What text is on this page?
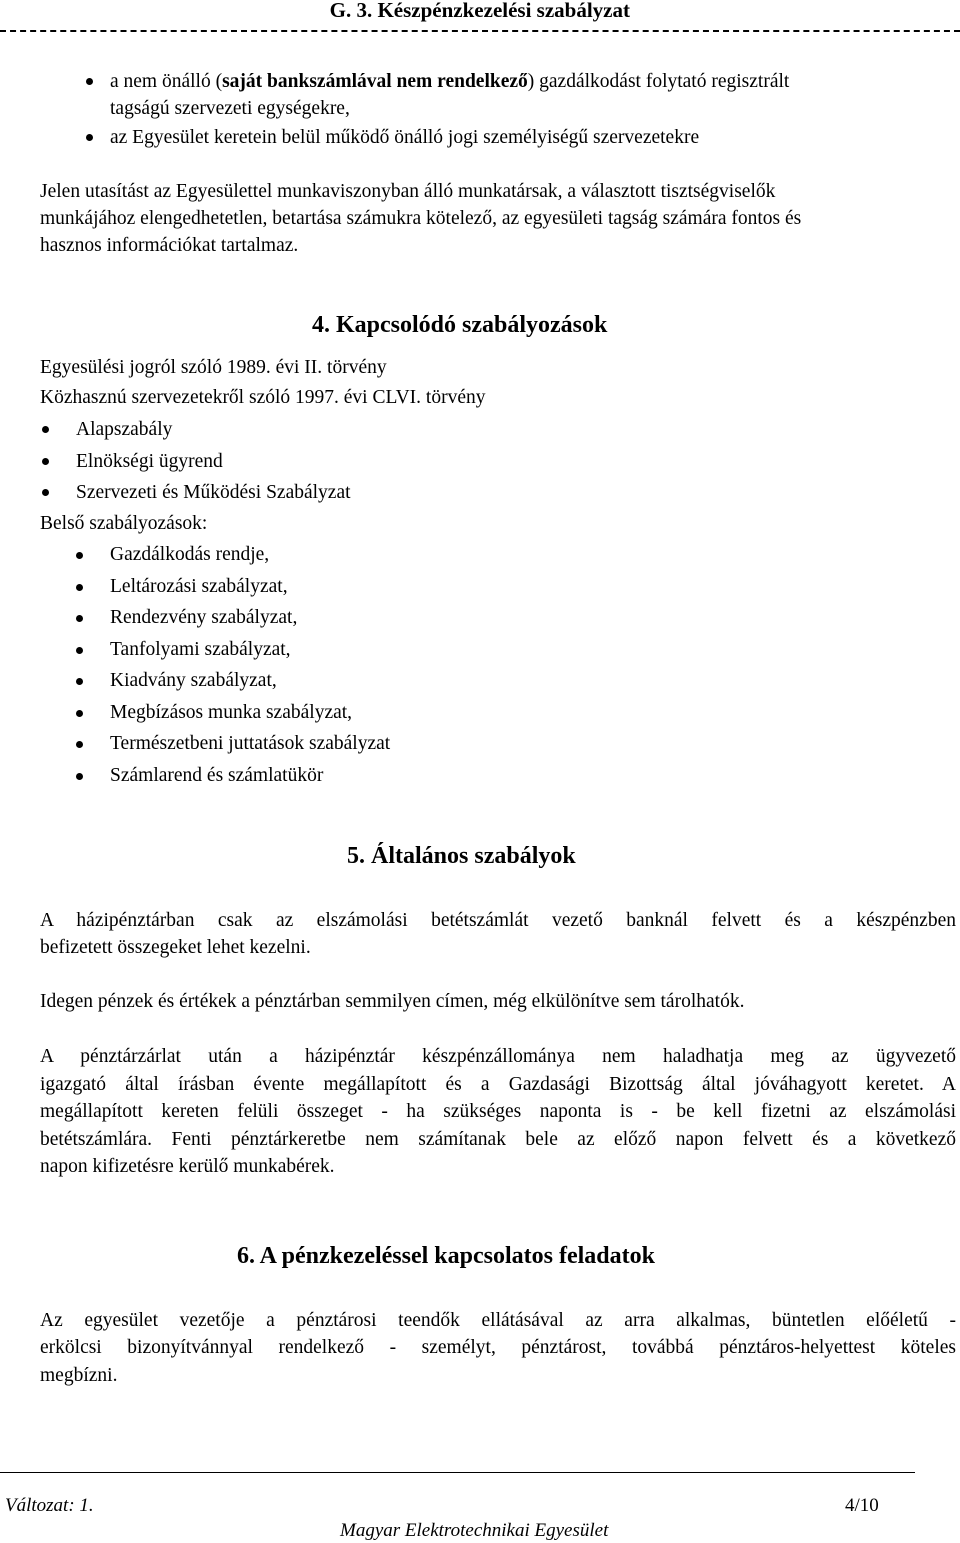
G. 3. Készpénzkezelési szabályzat
a nem önálló (saját bankszámlával nem rendelkező) gazdálkodást folytató regisztrált
tagságú szervezeti egységekre,
az Egyesület keretein belül működő önálló jogi személyiségű szervezetekre
Jelen utasítást az Egyesülettel munkaviszonyban álló munkatársak, a választott tisztségviselők
munkájához elengedhetetlen, betartása számukra kötelező, az egyesületi tagság számára fontos és
hasznos információkat tartalmaz.
4. Kapcsolódó szabályozások
Egyesülési jogról szóló 1989. évi II. törvény
Közhasznú szervezetekről szóló 1997. évi CLVI. törvény
Alapszabály
Elnökségi ügyrend
Szervezeti és Működési Szabályzat
Belső szabályozások:
Gazdálkodás rendje,
Leltározási szabályzat,
Rendezvény szabályzat,
Tanfolyami szabályzat,
Kiadvány szabályzat,
Megbízásos munka szabályzat,
Természetbeni juttatások szabályzat
Számlarend és számlatükör
5. Általános szabályok
A házipénztárban csak az elszámolási betétszámlát vezető banknál felvett és a készpénzben
befizetett összegeket lehet kezelni.
Idegen pénzek és értékek a pénztárban semmilyen címen, még elkülönítve sem tárolhatók.
A pénztárzárlat után a házipénztár készpénzállománya nem haladhatja meg az ügyvezető
igazgató által írásban évente megállapított és a Gazdasági Bizottság által jóváhagyott keretet. A
megállapított kereten felüli összeget - ha szükséges naponta is - be kell fizetni az elszámolási
betétszámlára. Fenti pénztárkeretbe nem számítanak bele az előző napon felvett és a következő
napon kifizetésre kerülő munkabérek.
6. A pénzkezeléssel kapcsolatos feladatok
Az egyesület vezetője a pénztárosi teendők ellátásával az arra alkalmas, büntetlen előéletű -
erkölcsi bizonyítvánnyal rendelkező - személyt, pénztárost, továbbá pénztáros-helyettest köteles
megbízni.
Változat: 1.	4/10
Magyar Elektrotechnikai Egyesület
